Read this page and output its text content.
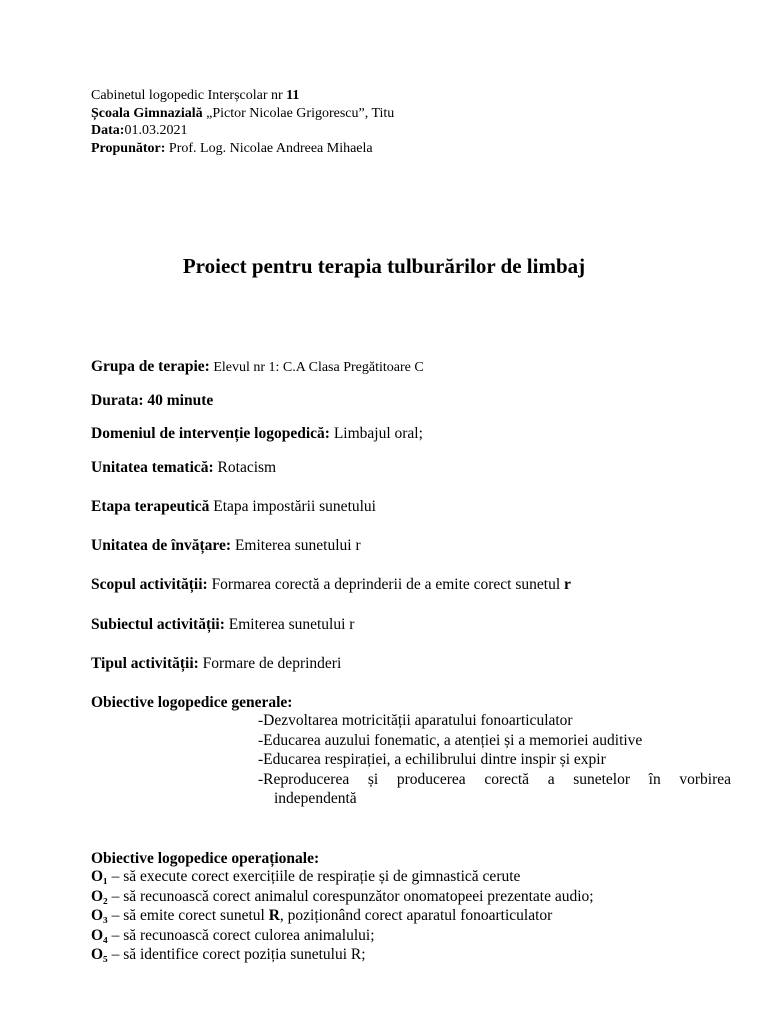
Cabinetul logopedic Interșcolar nr 11
Școala Gimnazială „Pictor Nicolae Grigorescu”, Titu
Data:01.03.2021
Propunător: Prof. Log. Nicolae Andreea Mihaela
Proiect pentru terapia tulburărilor de limbaj
Grupa de terapie: Elevul nr 1: C.A Clasa Pregătitoare C
Durata: 40 minute
Domeniul de intervenție logopedică: Limbajul oral;
Unitatea tematică: Rotacism
Etapa terapeutică Etapa impostării sunetului
Unitatea de învățare: Emiterea sunetului r
Scopul activității: Formarea corectă a deprinderii de a emite corect sunetul r
Subiectul activității: Emiterea sunetului r
Tipul activității: Formare de deprinderi
Obiective logopedice generale:
-Dezvoltarea motricității aparatului fonoarticulator
-Educarea auzului fonematic, a atenției și a memoriei auditive
-Educarea respirației, a echilibrului dintre inspir și expir
-Reproducerea și producerea corectă a sunetelor în vorbirea
independentă
Obiective logopedice operaționale:
O₁ – să execute corect exercițiile de respirație și de gimnastică cerute
O₂ – să recunoască corect animalul corespunzător onomatopeei prezentate audio;
O₃ – să emite corect sunetul R, poziționând corect aparatul fonoarticulator
O₄ – să recunoască corect culorea animalului;
O₅ – să identifice corect poziția sunetului R;
